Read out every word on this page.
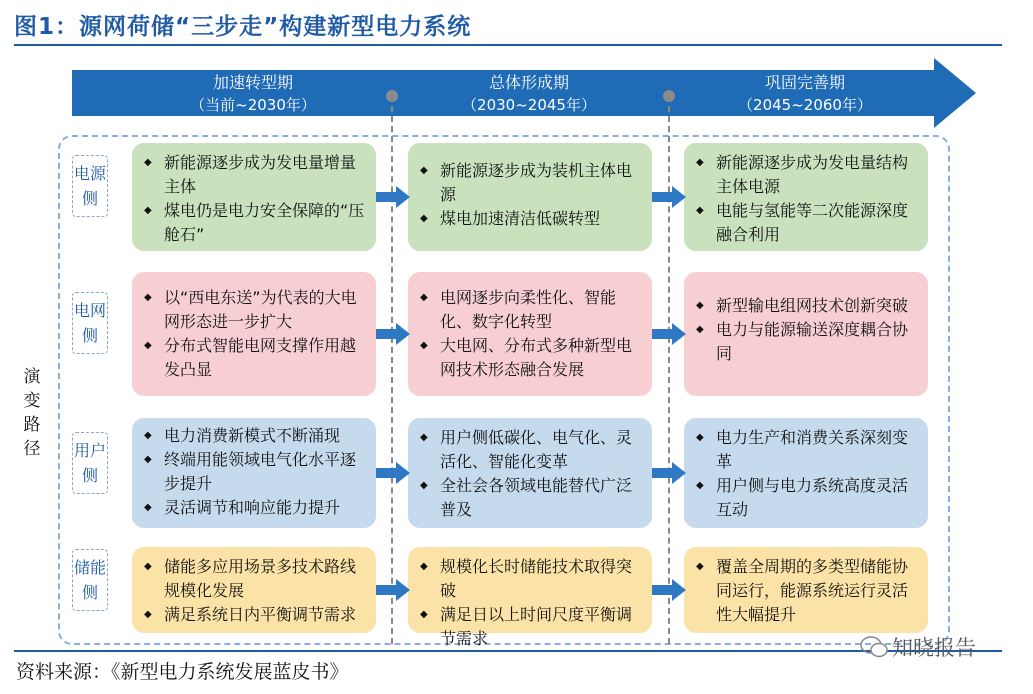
图1：源网荷储“三步走”构建新型电力系统
加速转型期
（当前~2030年）
总体形成期
（2030~2045年）
巩固完善期
（2045~2060年）
演变路径
电源侧
电网侧
用户侧
储能侧
◆ 新能源逐步成为发电量增量主体
◆ 煤电仍是电力安全保障的“压舱石”
◆ 新能源逐步成为装机主体电源
◆ 煤电加速清洁低碳转型
◆ 新能源逐步成为发电量结构主体电源
◆ 电能与氢能等二次能源深度融合利用
◆ 以“西电东送”为代表的大电网形态进一步扩大
◆ 分布式智能电网支撑作用越发凸显
◆ 电网逐步向柔性化、智能化、数字化转型
◆ 大电网、分布式多种新型电网技术形态融合发展
◆ 新型输电组网技术创新突破
◆ 电力与能源输送深度耦合协同
◆ 电力消费新模式不断涌现
◆ 终端用能领域电气化水平逐步提升
◆ 灵活调节和响应能力提升
◆ 用户侧低碳化、电气化、灵活化、智能化变革
◆ 全社会各领域电能替代广泛普及
◆ 电力生产和消费关系深刻变革
◆ 用户侧与电力系统高度灵活互动
◆ 储能多应用场景多技术路线规模化发展
◆ 满足系统日内平衡调节需求
◆ 规模化长时储能技术取得突破
◆ 满足日以上时间尺度平衡调节需求
◆ 覆盖全周期的多类型储能协同运行，能源系统运行灵活性大幅提升
资料来源：《新型电力系统发展蓝皮书》
知晓报告
